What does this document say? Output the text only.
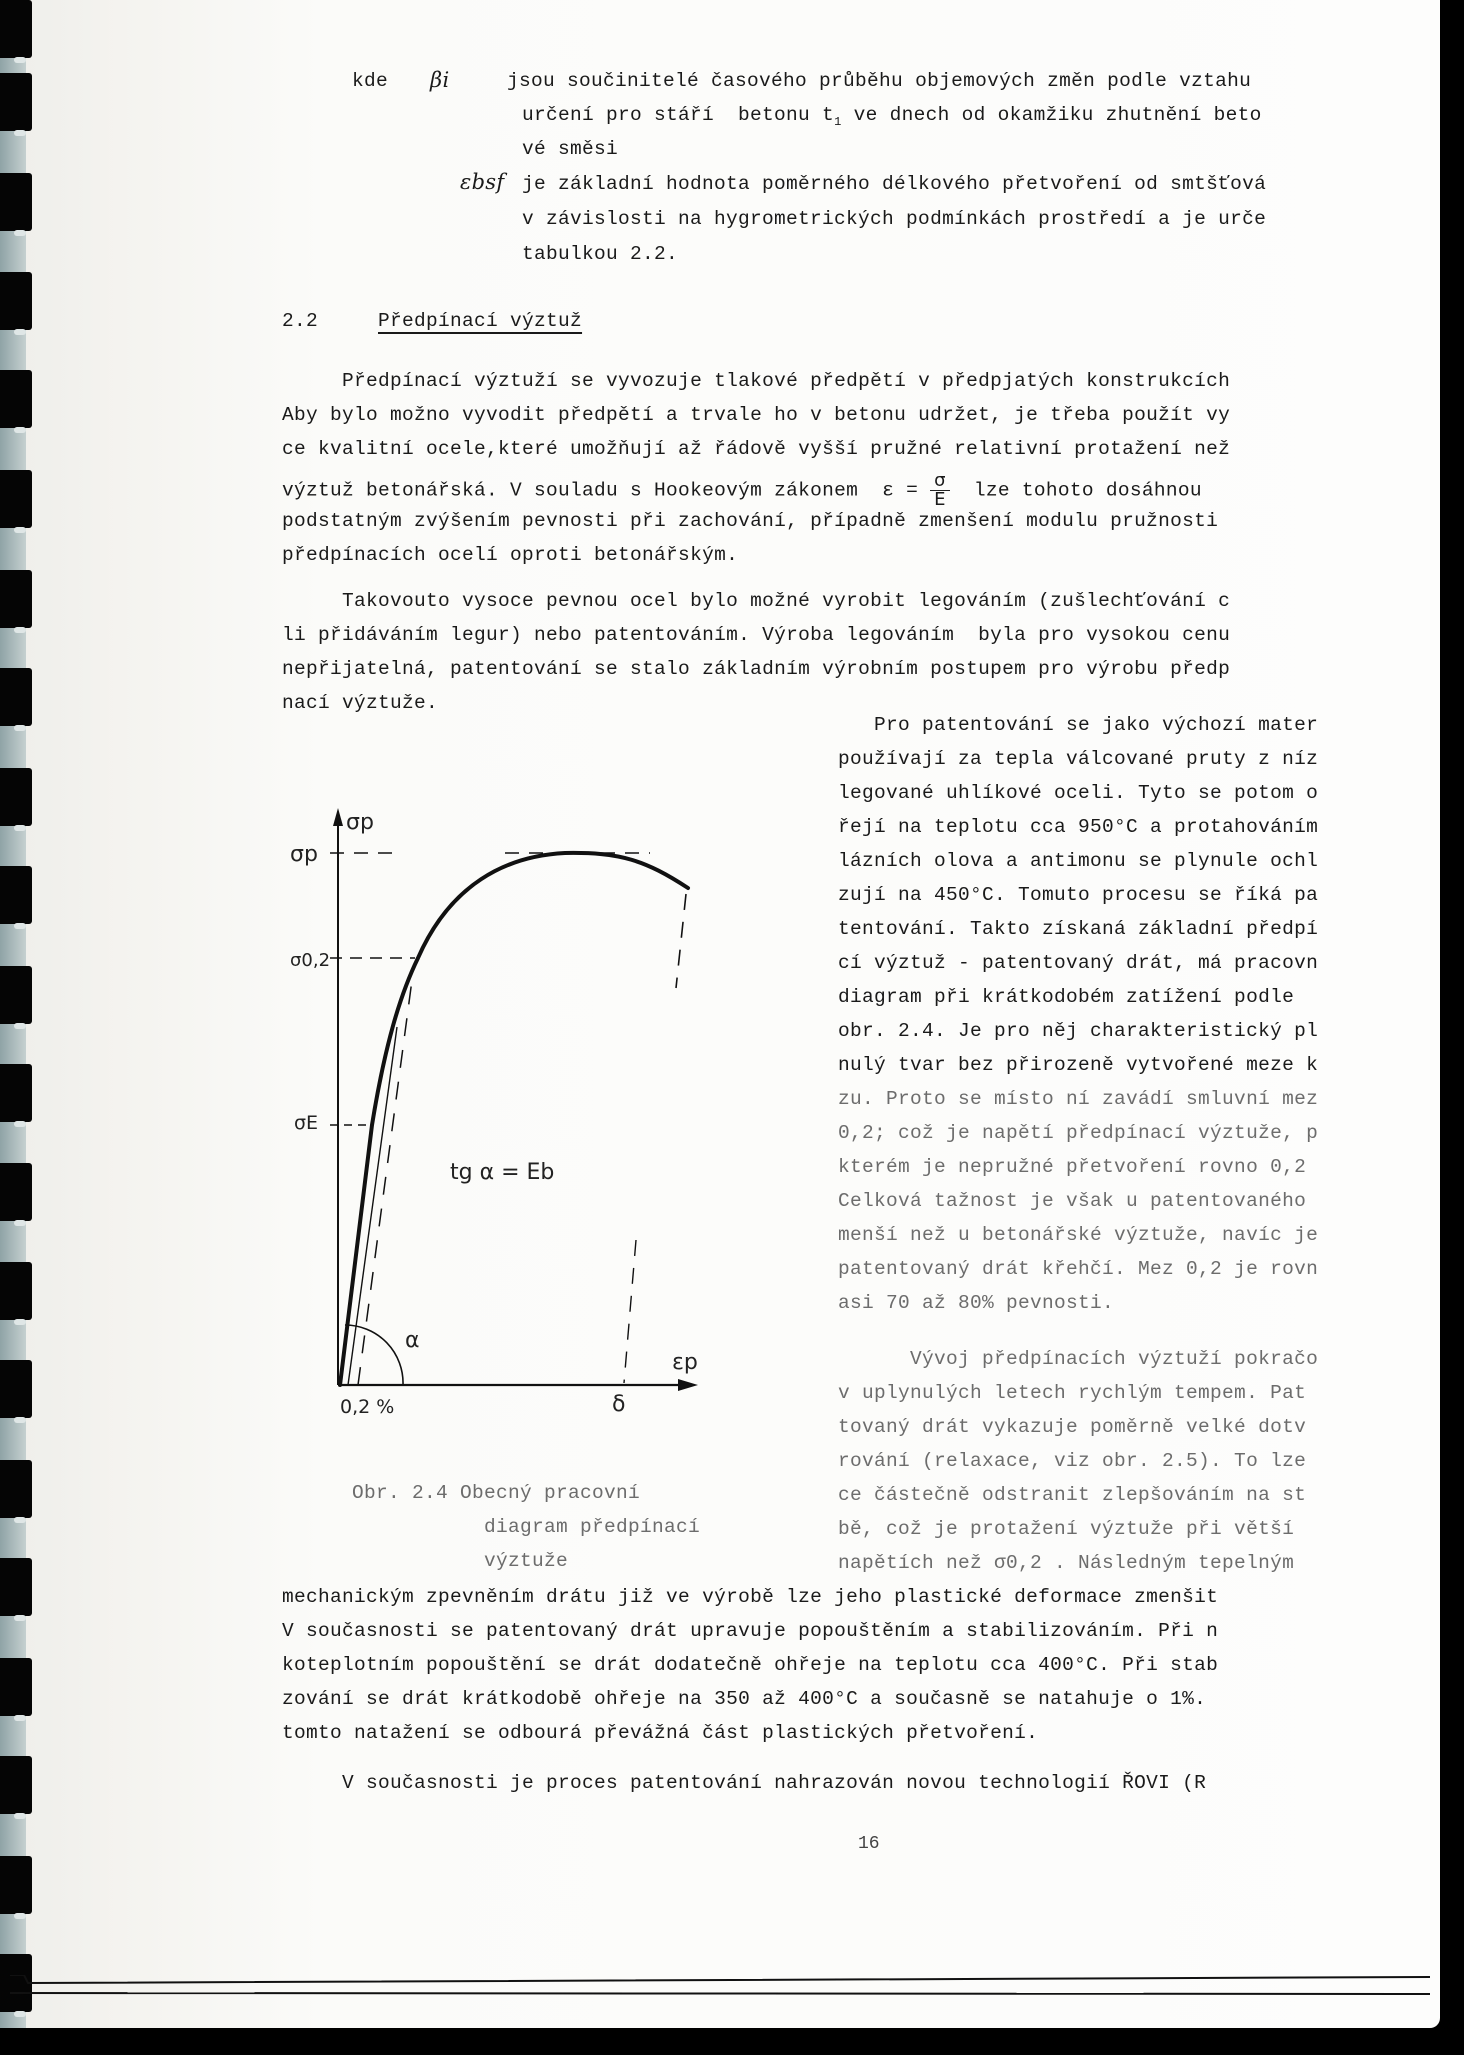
kde βi	jsou součinitelé časového průběhu objemových změn podle vztahu
určení pro stáří  betonu $t_1$ ve dnech od okamžiku zhutnění beto
vé směsi
εbsf je základní hodnota poměrného délkového přetvoření od smtšťová
v závislosti na hygrometrických podmínkách prostředí a je urče
tabulkou 2.2.
2.2	Předpínací výztuž
Předpínací výztuží se vyvozuje tlakové předpětí v předpjatých konstrukcích
Aby bylo možno vyvodit předpětí a trvale ho v betonu udržet, je třeba použít vy
ce kvalitní ocele,které umožňují až řádově vyšší pružné relativní protažení než
výztuž betonářská. V souladu s Hookeovým zákonem  $\varepsilon = \frac{\sigma}{E}$ lze tohoto dosáhnou
podstatným zvýšením pevnosti při zachování, případně zmenšení modulu pružnosti
předpínacích ocelí oproti betonářským.
Takovouto vysoce pevnou ocel bylo možné vyrobit legováním (zušlechťování c
li přidáváním legur) nebo patentováním. Výroba legováním  byla pro vysokou cenu
nepřijatelná, patentování se stalo základním výrobním postupem pro výrobu předp
nací výztuže.
Pro patentování se jako výchozí mater
používají za tepla válcované pruty z níz
legované uhlíkové oceli. Tyto se potom o
řejí na teplotu cca 950°C a protahováním
lázních olova a antimonu se plynule ochl
zují na 450°C. Tomuto procesu se říká pa
tentování. Takto získaná základní předpí
cí výztuž - patentovaný drát, má pracovn
diagram při krátkodobém zatížení podle
obr. 2.4. Je pro něj charakteristický pl
nulý tvar bez přirozeně vytvořené meze k
zu. Proto se místo ní zavádí smluvní mez
0,2; což je napětí předpínací výztuže, p
kterém je nepružné přetvoření rovno 0,2
Celková tažnost je však u patentovaného
menší než u betonářské výztuže, navíc je
patentovaný drát křehčí. Mez 0,2 je rovn
asi 70 až 80% pevnosti.
Vývoj předpínacích výztuží pokračo
v uplynulých letech rychlým tempem. Pat
tovaný drát vykazuje poměrně velké dotv
rování (relaxace, viz obr. 2.5). To lze
ce částečně odstranit zlepšováním na st
bě, což je protažení výztuže při větší
napětích než σ0,2 . Následným tepelným
σp
σp
σ0,2
σE
tg α = Eb
α
εp
0,2 %	δ
Obr. 2.4 Obecný pracovní
diagram předpínací
výztuže
mechanickým zpevněním drátu již ve výrobě lze jeho plastické deformace zmenšit
V současnosti se patentovaný drát upravuje popouštěním a stabilizováním. Při n
koteplotním popouštění se drát dodatečně ohřeje na teplotu cca 400°C. Při stab
zování se drát krátkodobě ohřeje na 350 až 400°C a současně se natahuje o 1%.
tomto natažení se odbourá převážná část plastických přetvoření.
V současnosti je proces patentování nahrazován novou technologií ŘOVI (R
16
